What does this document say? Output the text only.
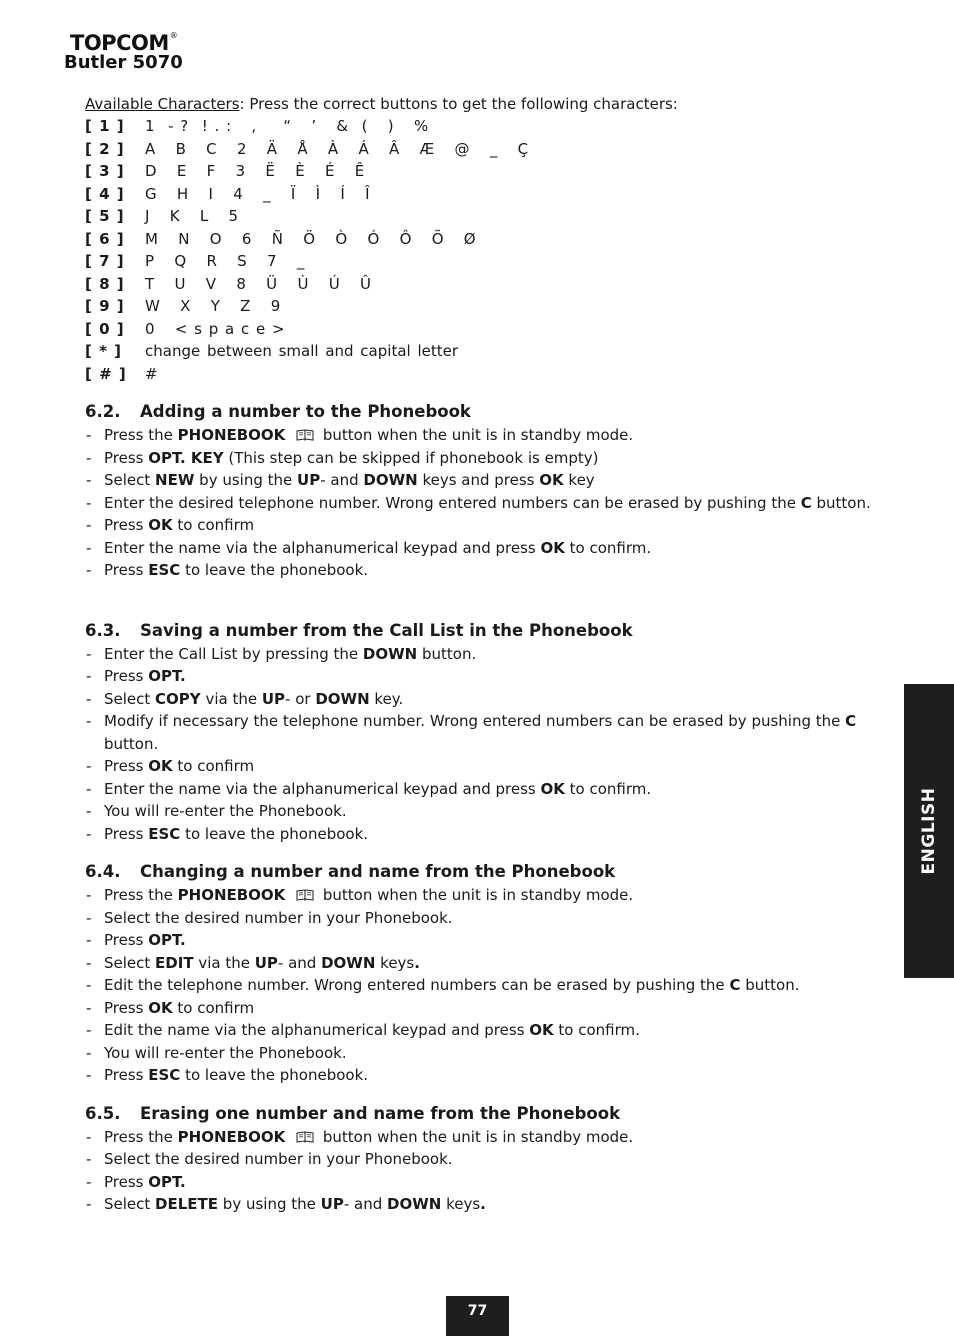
TOPCOM®
Butler 5070
Available Characters: Press the correct buttons to get the following characters:
[ 1 ]	1  - ?  ! . :   ,    “   ’   &  (   )   %
[ 2 ]	A   B   C   2   Ä   Å   À   Á   Â   Æ   @   _   Ç
[ 3 ]	D   E   F   3   Ë   È   É   Ê
[ 4 ]	G   H   I   4   _   Ï   Ì   Í   Î
[ 5 ]	J   K   L   5
[ 6 ]	M   N   O   6   Ñ   Ö   Ò   Ó   Ô   Õ   Ø
[ 7 ]	P   Q   R   S   7   _
[ 8 ]	T   U   V   8   Ü   Ù   Ú   Û
[ 9 ]	W   X   Y   Z   9
[ 0 ]	0   < s p a c e >
[ * ]	change between small and capital letter
[ # ]	#
6.2.	Adding a number to the Phonebook
- Press the PHONEBOOK  button when the unit is in standby mode.
- Press OPT. KEY (This step can be skipped if phonebook is empty)
- Select NEW by using the UP- and DOWN keys and press OK key
- Enter the desired telephone number. Wrong entered numbers can be erased by pushing the C button.
- Press OK to confirm
- Enter the name via the alphanumerical keypad and press OK to confirm.
- Press ESC to leave the phonebook.
6.3.	Saving a number from the Call List in the Phonebook
- Enter the Call List by pressing the DOWN button.
- Press OPT.
- Select COPY via the UP- or DOWN key.
- Modify if necessary the telephone number. Wrong entered numbers can be erased by pushing the C button.
- Press OK to confirm
- Enter the name via the alphanumerical keypad and press OK to confirm.
- You will re-enter the Phonebook.
- Press ESC to leave the phonebook.
6.4.	Changing a number and name from the Phonebook
- Press the PHONEBOOK  button when the unit is in standby mode.
- Select the desired number in your Phonebook.
- Press OPT.
- Select EDIT via the UP- and DOWN keys.
- Edit the telephone number. Wrong entered numbers can be erased by pushing the C button.
- Press OK to confirm
- Edit the name via the alphanumerical keypad and press OK to confirm.
- You will re-enter the Phonebook.
- Press ESC to leave the phonebook.
6.5.	Erasing one number and name from the Phonebook
- Press the PHONEBOOK  button when the unit is in standby mode.
- Select the desired number in your Phonebook.
- Press OPT.
- Select DELETE by using the UP- and DOWN keys.
ENGLISH
77
